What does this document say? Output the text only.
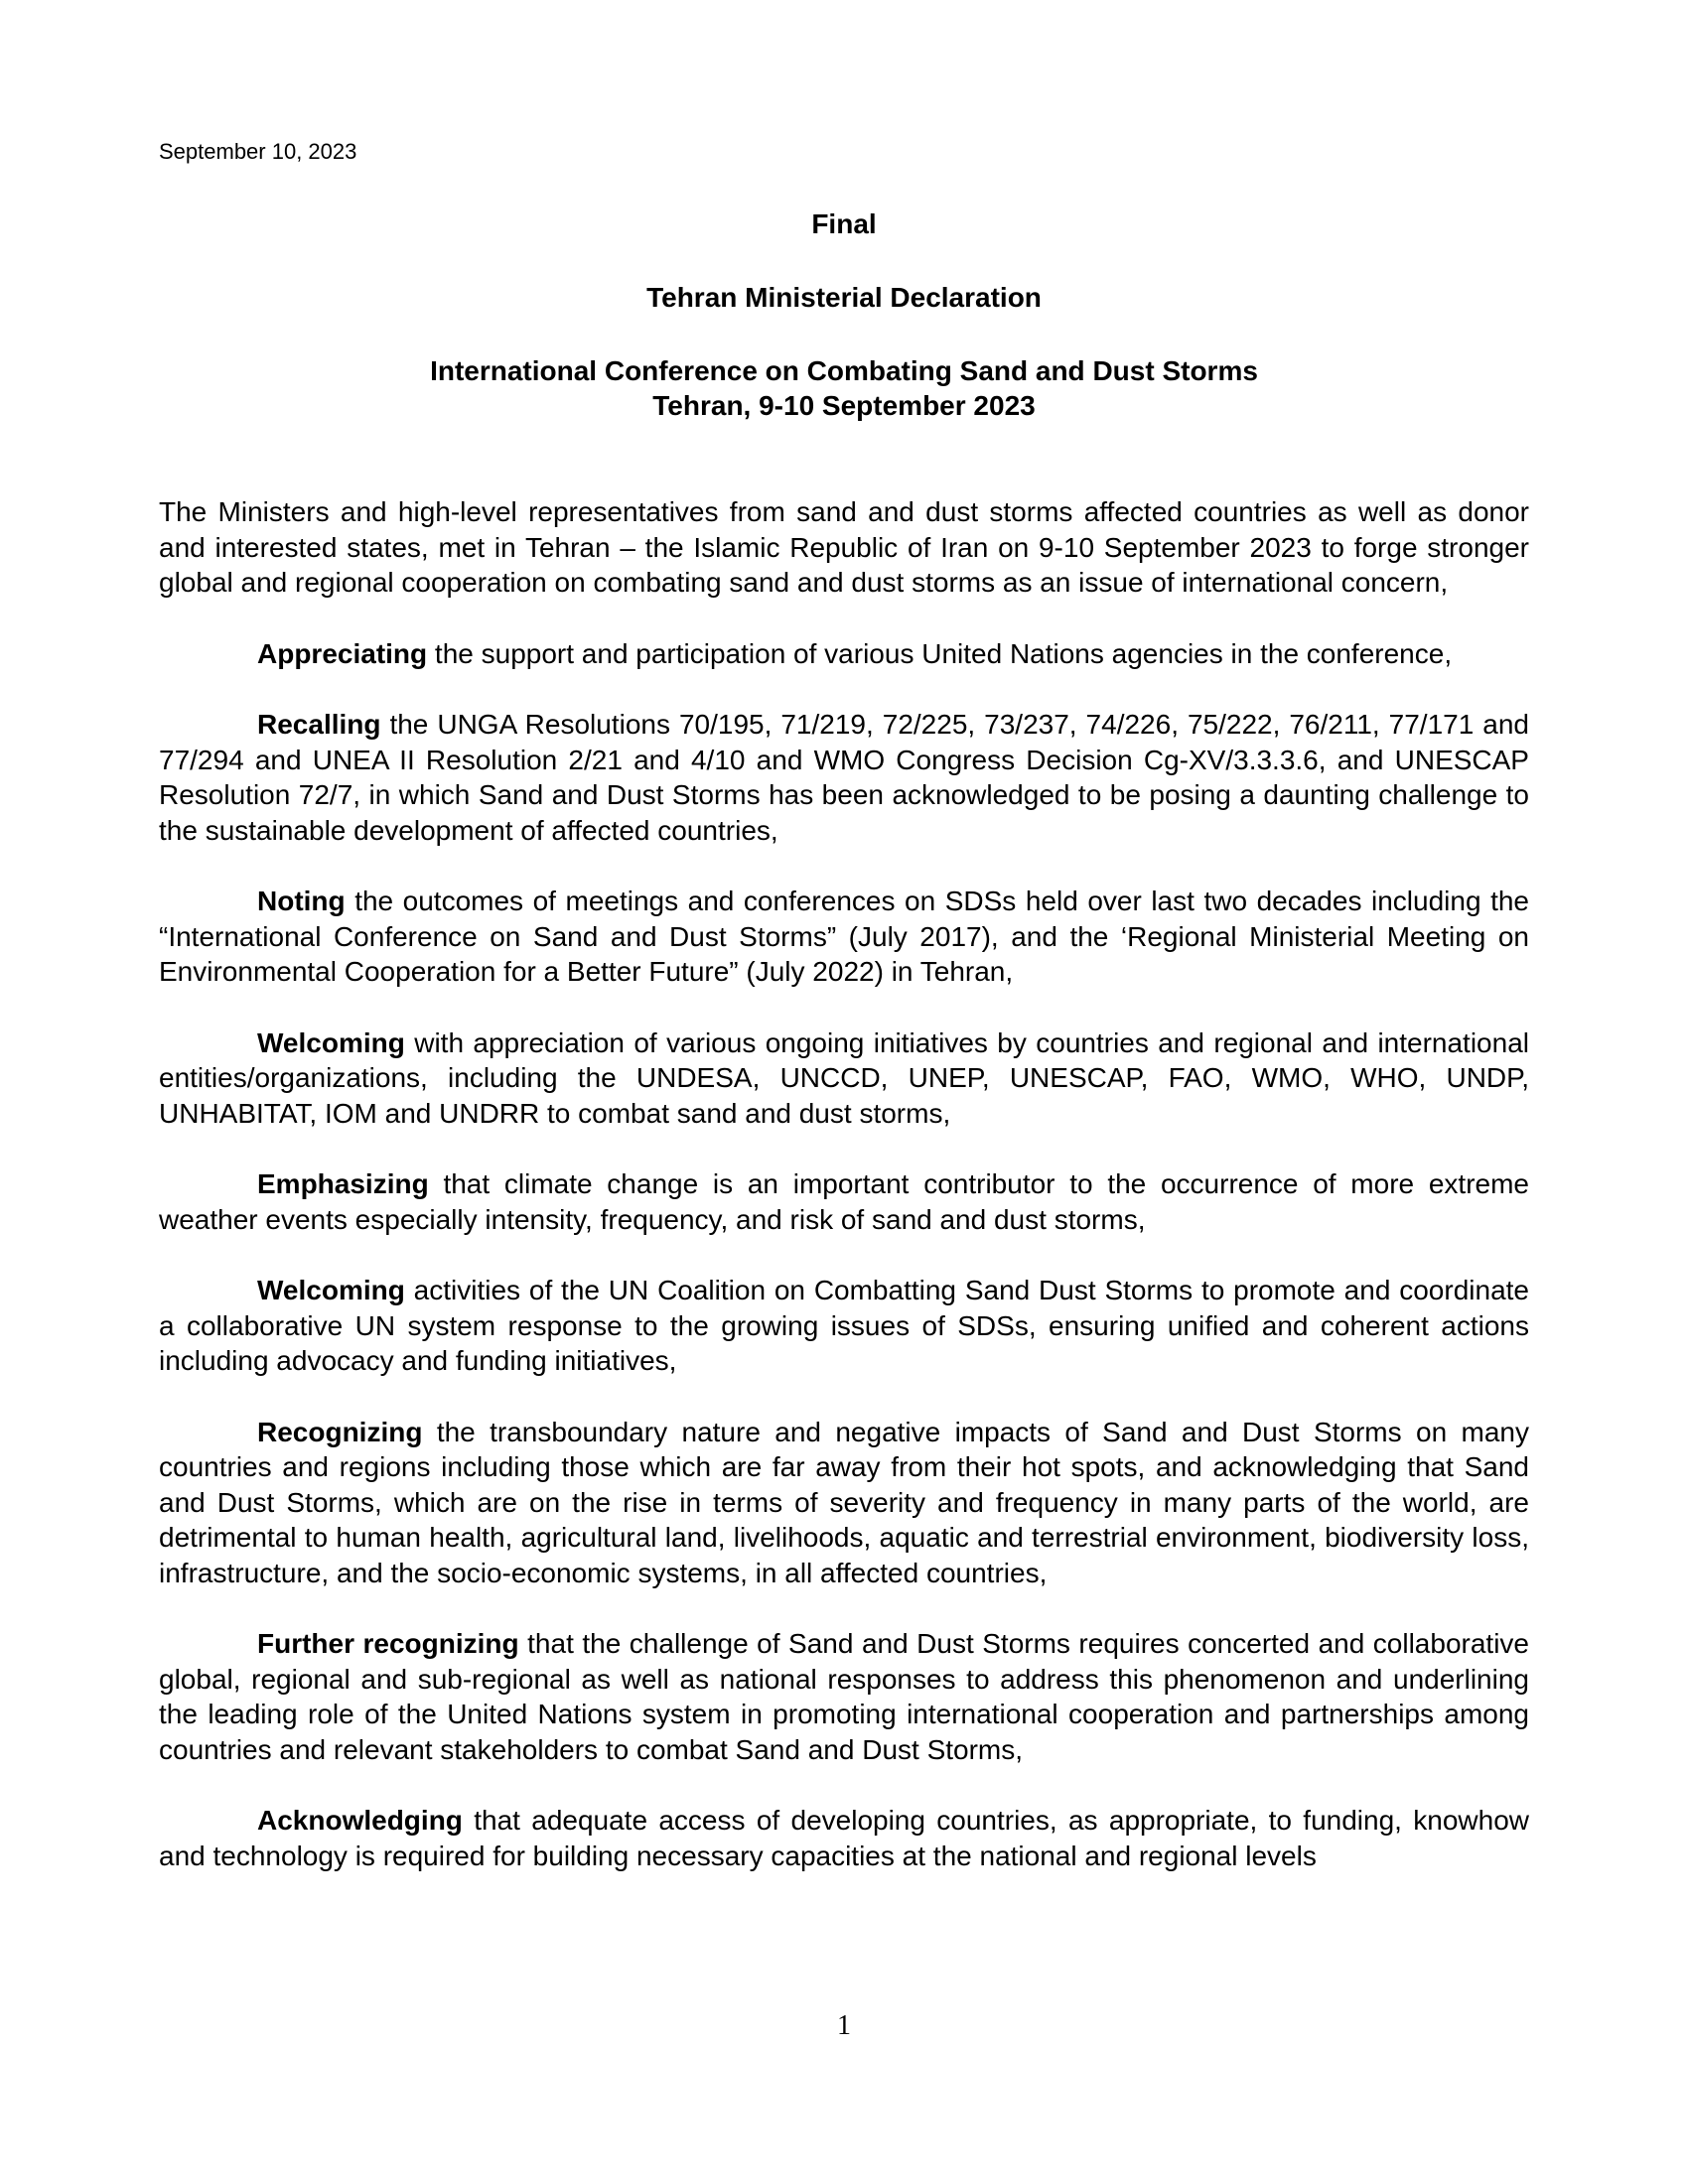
September 10, 2023
Final
Tehran Ministerial Declaration
International Conference on Combating Sand and Dust Storms
Tehran, 9-10 September 2023

The Ministers and high-level representatives from sand and dust storms affected countries as well as donor and interested states, met in Tehran – the Islamic Republic of Iran on 9-10 September 2023 to forge stronger global and regional cooperation on combating sand and dust storms as an issue of international concern,

Appreciating the support and participation of various United Nations agencies in the conference,

Recalling the UNGA Resolutions 70/195, 71/219, 72/225, 73/237, 74/226, 75/222, 76/211, 77/171 and 77/294 and UNEA II Resolution 2/21 and 4/10 and WMO Congress Decision Cg-XV/3.3.3.6, and UNESCAP Resolution 72/7, in which Sand and Dust Storms has been acknowledged to be posing a daunting challenge to the sustainable development of affected countries,

Noting the outcomes of meetings and conferences on SDSs held over last two decades including the “International Conference on Sand and Dust Storms” (July 2017), and the ‘Regional Ministerial Meeting on Environmental Cooperation for a Better Future” (July 2022) in Tehran,

Welcoming with appreciation of various ongoing initiatives by countries and regional and international entities/organizations, including the UNDESA, UNCCD, UNEP, UNESCAP, FAO, WMO, WHO, UNDP, UNHABITAT, IOM and UNDRR to combat sand and dust storms,

Emphasizing that climate change is an important contributor to the occurrence of more extreme weather events especially intensity, frequency, and risk of sand and dust storms,

Welcoming activities of the UN Coalition on Combatting Sand Dust Storms to promote and coordinate a collaborative UN system response to the growing issues of SDSs, ensuring unified and coherent actions including advocacy and funding initiatives,

Recognizing the transboundary nature and negative impacts of Sand and Dust Storms on many countries and regions including those which are far away from their hot spots, and acknowledging that Sand and Dust Storms, which are on the rise in terms of severity and frequency in many parts of the world, are detrimental to human health, agricultural land, livelihoods, aquatic and terrestrial environment, biodiversity loss, infrastructure, and the socio-economic systems, in all affected countries,

Further recognizing that the challenge of Sand and Dust Storms requires concerted and collaborative global, regional and sub-regional as well as national responses to address this phenomenon and underlining the leading role of the United Nations system in promoting international cooperation and partnerships among countries and relevant stakeholders to combat Sand and Dust Storms,

Acknowledging that adequate access of developing countries, as appropriate, to funding, knowhow and technology is required for building necessary capacities at the national and regional levels

1
